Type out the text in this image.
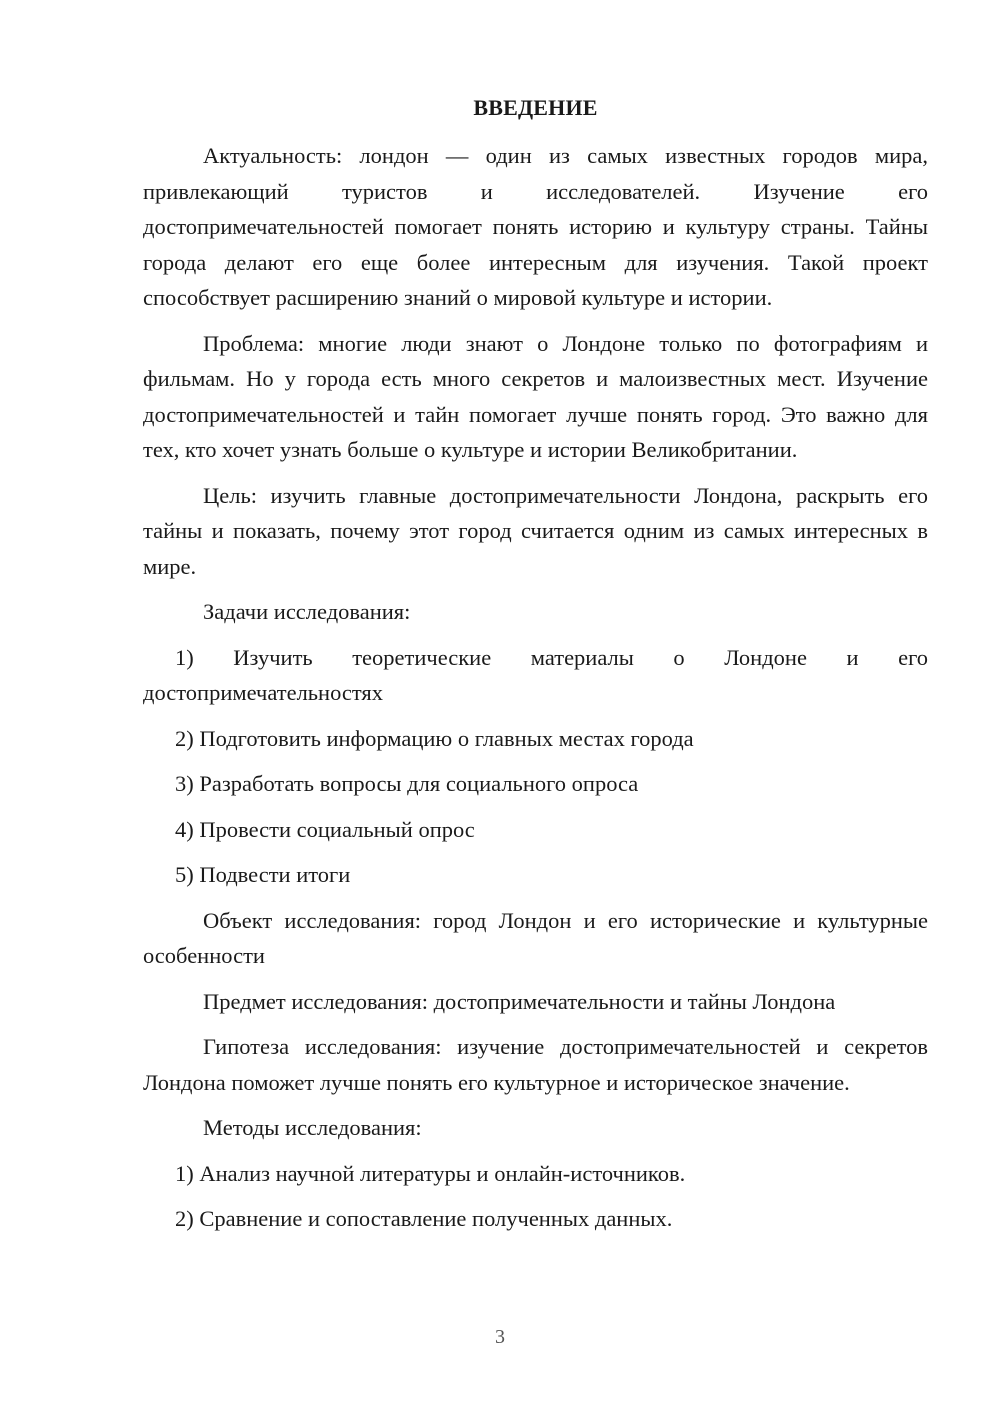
ВВЕДЕНИЕ

Актуальность: лондон — один из самых известных городов мира, привлекающий туристов и исследователей. Изучение его достопримечательностей помогает понять историю и культуру страны. Тайны города делают его еще более интересным для изучения. Такой проект способствует расширению знаний о мировой культуре и истории.

Проблема: многие люди знают о Лондоне только по фотографиям и фильмам. Но у города есть много секретов и малоизвестных мест. Изучение достопримечательностей и тайн помогает лучше понять город. Это важно для тех, кто хочет узнать больше о культуре и истории Великобритании.

Цель: изучить главные достопримечательности Лондона, раскрыть его тайны и показать, почему этот город считается одним из самых интересных в мире.

Задачи исследования:

1) Изучить теоретические материалы о Лондоне и его достопримечательностях

2) Подготовить информацию о главных местах города

3) Разработать вопросы для социального опроса

4) Провести социальный опрос

5) Подвести итоги

Объект исследования: город Лондон и его исторические и культурные особенности

Предмет исследования: достопримечательности и тайны Лондона

Гипотеза исследования: изучение достопримечательностей и секретов Лондона поможет лучше понять его культурное и историческое значение.

Методы исследования:

1) Анализ научной литературы и онлайн-источников.

2) Сравнение и сопоставление полученных данных.

3
